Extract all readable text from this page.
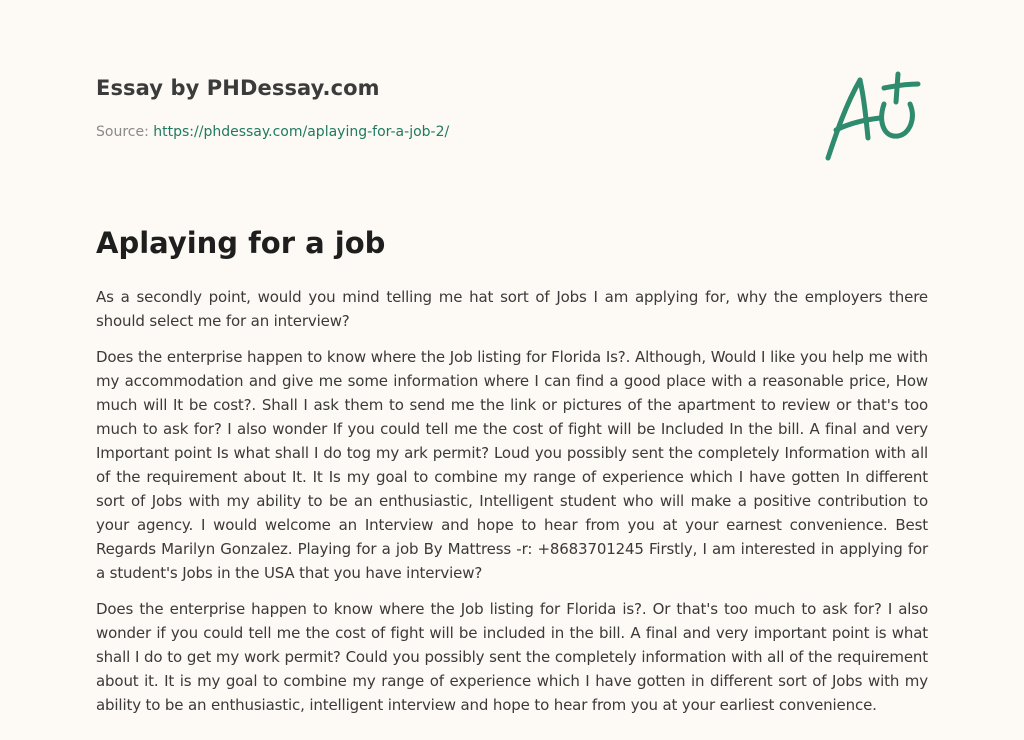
Essay by PHDessay.com
Source: https://phdessay.com/aplaying-for-a-job-2/
Aplaying for a job

As a secondly point, would you mind telling me hat sort of Jobs I am applying for, why the employers there should select me for an interview?

Does the enterprise happen to know where the Job listing for Florida Is?. Although, Would I like you help me with my accommodation and give me some information where I can find a good place with a reasonable price, How much will It be cost?. Shall I ask them to send me the link or pictures of the apartment to review or that's too much to ask for? I also wonder If you could tell me the cost of fight will be Included In the bill. A final and very Important point Is what shall I do tog my ark permit? Loud you possibly sent the completely Information with all of the requirement about It. It Is my goal to combine my range of experience which I have gotten In different sort of Jobs with my ability to be an enthusiastic, Intelligent student who will make a positive contribution to your agency. I would welcome an Interview and hope to hear from you at your earnest convenience. Best Regards Marilyn Gonzalez. Playing for a job By Mattress -r: +8683701245 Firstly, I am interested in applying for a student's Jobs in the USA that you have interview?

Does the enterprise happen to know where the Job listing for Florida is?. Or that's too much to ask for? I also wonder if you could tell me the cost of fight will be included in the bill. A final and very important point is what shall I do to get my work permit? Could you possibly sent the completely information with all of the requirement about it. It is my goal to combine my range of experience which I have gotten in different sort of Jobs with my ability to be an enthusiastic, intelligent interview and hope to hear from you at your earliest convenience.
